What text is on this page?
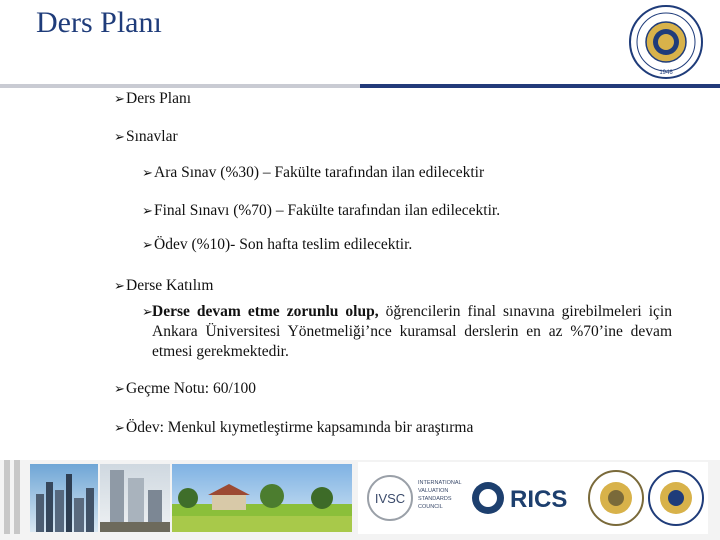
Ders Planı
1946
➢Ders Planı
➢Sınavlar
➢Ara Sınav (%30) – Fakülte tarafından ilan edilecektir
➢Final Sınavı (%70) – Fakülte tarafından ilan edilecektir.
➢Ödev (%10)- Son hafta teslim edilecektir.
➢Derse Katılım
➢ Derse devam etme zorunlu olup, öğrencilerin final sınavına girebilmeleri için Ankara Üniversitesi Yönetmeliği’nce kuramsal derslerin en az %70’ine devam etmesi gerekmektedir.
➢Geçme Notu: 60/100
➢Ödev: Menkul kıymetleştirme kapsamında bir araştırma
IVSC
INTERNATIONAL
VALUATION
STANDARDS
COUNCIL	RICS
